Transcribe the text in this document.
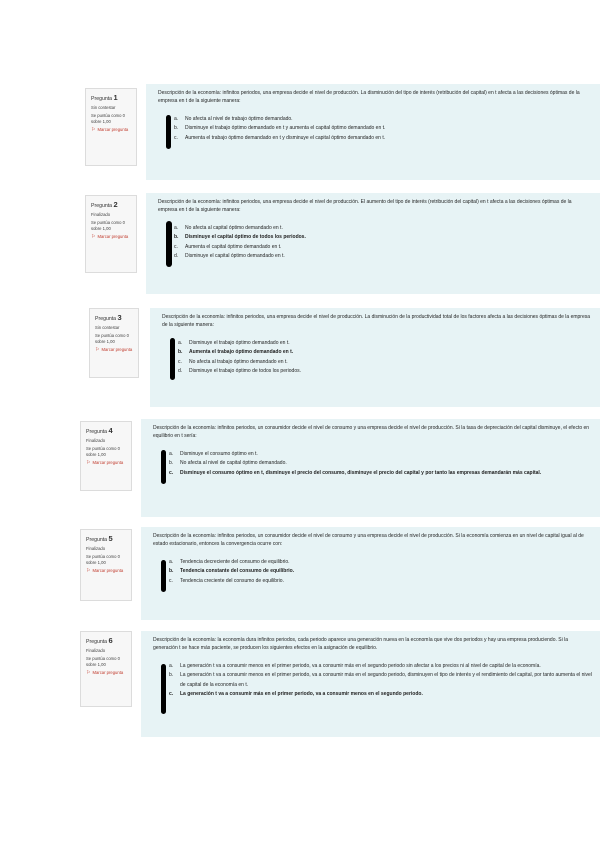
Pregunta 1
Sin contestar
Se puntúa como 0 sobre 1,00
⚐ Marcar pregunta

Descripción de la economía: infinitos periodos, una empresa decide el nivel de producción. La disminución del tipo de interés (retribución del capital) en t afecta a las decisiones óptimas de la empresa en t de la siguiente manera:

a.	No afecta al nivel de trabajo óptimo demandado.
b.	Disminuye el trabajo óptimo demandado en t y aumenta el capital óptimo demandado en t.
c.	Aumenta el trabajo óptimo demandado en t y disminuye el capital óptimo demandado en t.
Pregunta 2
Finalizado
Se puntúa como 0 sobre 1,00
⚐ Marcar pregunta

Descripción de la economía: infinitos periodos, una empresa decide el nivel de producción. El aumento del tipo de interés (retribución del capital) en t afecta a las decisiones óptimas de la empresa en t de la siguiente manera:

a.	No afecta al capital óptimo demandado en t.
b.	Disminuye el capital óptimo de todos los periodos.
c.	Aumenta el capital óptimo demandado en t.
d.	Disminuye el capital óptimo demandado en t.
Pregunta 3
Sin contestar
Se puntúa como 0 sobre 1,00
⚐ Marcar pregunta

Descripción de la economía: infinitos periodos, una empresa decide el nivel de producción. La disminución de la productividad total de los factores afecta a las decisiones óptimas de la empresa de la siguiente manera:

a.	Disminuye el trabajo óptimo demandado en t.
b.	Aumenta el trabajo óptimo demandado en t.
c.	No afecta al trabajo óptimo demandado en t.
d.	Disminuye el trabajo óptimo de todos los periodos.
Pregunta 4
Finalizado
Se puntúa como 0 sobre 1,00
⚐ Marcar pregunta

Descripción de la economía: infinitos periodos, un consumidor decide el nivel de consumo y una empresa decide el nivel de producción. Si la tasa de depreciación del capital disminuye, el efecto en equilibrio en t sería:

a.	Disminuye el consumo óptimo en t.
b.	No afecta al nivel de capital óptimo demandado.
c.	Disminuye el consumo óptimo en t, disminuye el precio del consumo, disminuye el precio del capital y por tanto las empresas demandarán más capital.
Pregunta 5
Finalizado
Se puntúa como 0 sobre 1,00
⚐ Marcar pregunta

Descripción de la economía: infinitos periodos, un consumidor decide el nivel de consumo y una empresa decide el nivel de producción. Si la economía comienza en un nivel de capital igual al de estado estacionario, entonces la convergencia ocurre con:

a.	Tendencia decreciente del consumo de equilibrio.
b.	Tendencia constante del consumo de equilibrio.
c.	Tendencia creciente del consumo de equilibrio.
Pregunta 6
Finalizado
Se puntúa como 0 sobre 1,00
⚐ Marcar pregunta

Descripción de la economía: la economía dura infinitos periodos, cada periodo aparece una generación nueva en la economía que vive dos periodos y hay una empresa produciendo. Si la generación t se hace más paciente, se producen los siguientes efectos en la asignación de equilibrio.

a.	La generación t va a consumir menos en el primer periodo, va a consumir más en el segundo periodo sin afectar a los precios ni al nivel de capital de la economía.
b.	La generación t va a consumir menos en el primer periodo, va a consumir más en el segundo periodo, disminuyen el tipo de interés y el rendimiento del capital, por tanto aumenta el nivel de capital de la economía en t.
c.	La generación t va a consumir más en el primer periodo, va a consumir menos en el segundo periodo.
